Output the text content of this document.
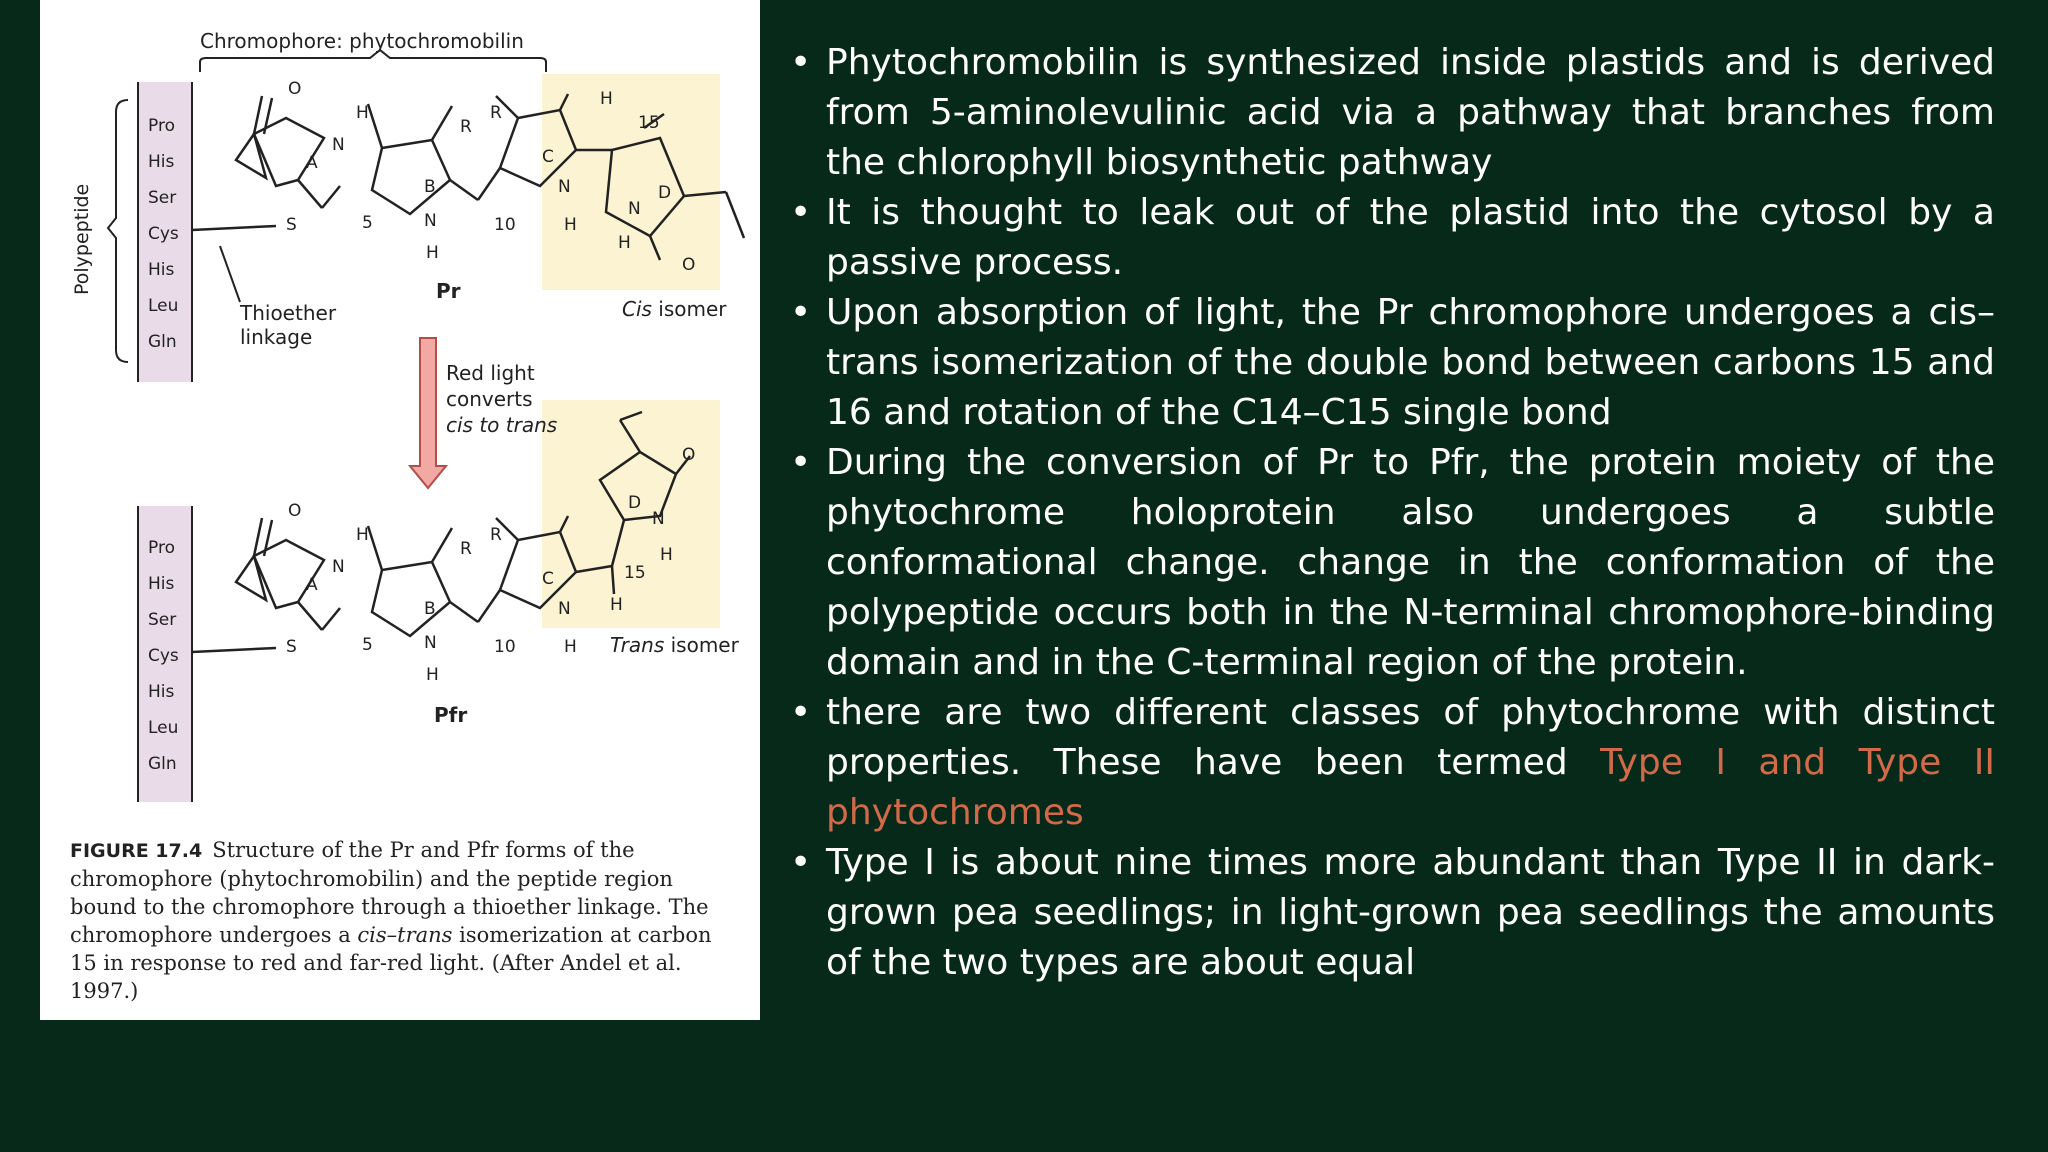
Chromophore: phytochromobilin
Polypeptide
Pro
His
Ser
Cys
His
Leu
Gln
Pro
His
Ser
Cys
His
Leu
Gln
Thioether linkage
O
H
N
A
S	5
R
B
N
H
10
R
C
N
H
H
15
D
N
H
O
Pr
Cis isomer
Red light converts cis to trans
O
H
N
A
S	5
R
B
N
H
10
R
C
N
H
O
D
N
H
15
H
Pfr
Trans isomer
FIGURE 17.4 Structure of the Pr and Pfr forms of the chromophore (phytochromobilin) and the peptide region bound to the chromophore through a thioether linkage. The chromophore undergoes a cis–trans isomerization at carbon 15 in response to red and far-red light. (After Andel et al. 1997.)
• Phytochromobilin is synthesized inside plastids and is derived from 5-aminolevulinic acid via a pathway that branches from the chlorophyll biosynthetic pathway
• It is thought to leak out of the plastid into the cytosol by a passive process.
• Upon absorption of light, the Pr chromophore undergoes a cis–trans isomerization of the double bond between carbons 15 and 16 and rotation of the C14–C15 single bond
• During the conversion of Pr to Pfr, the protein moiety of the phytochrome holoprotein also undergoes a subtle conformational change. change in the conformation of the polypeptide occurs both in the N-terminal chromophore-binding domain and in the C-terminal region of the protein.
• there are two different classes of phytochrome with distinct properties. These have been termed Type I and Type II phytochromes
• Type I is about nine times more abundant than Type II in dark-grown pea seedlings; in light-grown pea seedlings the amounts of the two types are about equal
